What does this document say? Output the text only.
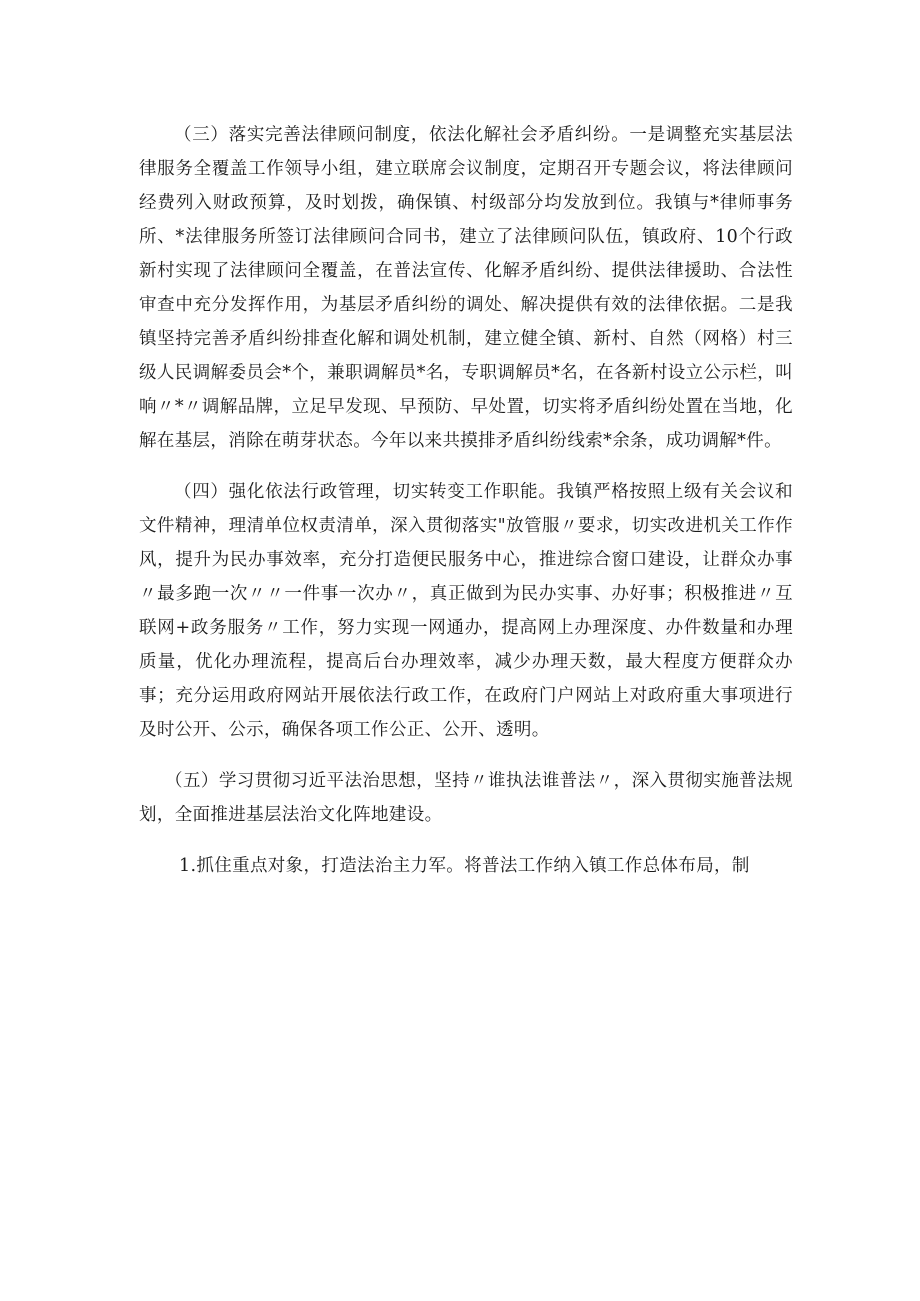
（三）落实完善法律顾问制度，依法化解社会矛盾纠纷。一是调整充实基层法律服务全覆盖工作领导小组，建立联席会议制度，定期召开专题会议，将法律顾问经费列入财政预算，及时划拨，确保镇、村级部分均发放到位。我镇与*律师事务所、*法律服务所签订法律顾问合同书，建立了法律顾问队伍，镇政府、10个行政新村实现了法律顾问全覆盖，在普法宣传、化解矛盾纠纷、提供法律援助、合法性审查中充分发挥作用，为基层矛盾纠纷的调处、解决提供有效的法律依据。二是我镇坚持完善矛盾纠纷排查化解和调处机制，建立健全镇、新村、自然（网格）村三级人民调解委员会*个，兼职调解员*名，专职调解员*名，在各新村设立公示栏，叫响〃*〃调解品牌，立足早发现、早预防、早处置，切实将矛盾纠纷处置在当地，化解在基层，消除在萌芽状态。今年以来共摸排矛盾纠纷线索*余条，成功调解*件。

（四）强化依法行政管理，切实转变工作职能。我镇严格按照上级有关会议和文件精神，理清单位权责清单，深入贯彻落实"放管服〃要求，切实改进机关工作作风，提升为民办事效率，充分打造便民服务中心，推进综合窗口建设，让群众办事〃最多跑一次〃〃一件事一次办〃，真正做到为民办实事、办好事；积极推进〃互联网+政务服务〃工作，努力实现一网通办，提高网上办理深度、办件数量和办理质量，优化办理流程，提高后台办理效率，减少办理天数，最大程度方便群众办事；充分运用政府网站开展依法行政工作，在政府门户网站上对政府重大事项进行及时公开、公示，确保各项工作公正、公开、透明。

（五）学习贯彻习近平法治思想，坚持〃谁执法谁普法〃，深入贯彻实施普法规划，全面推进基层法治文化阵地建设。

1.抓住重点对象，打造法治主力军。将普法工作纳入镇工作总体布局，制
